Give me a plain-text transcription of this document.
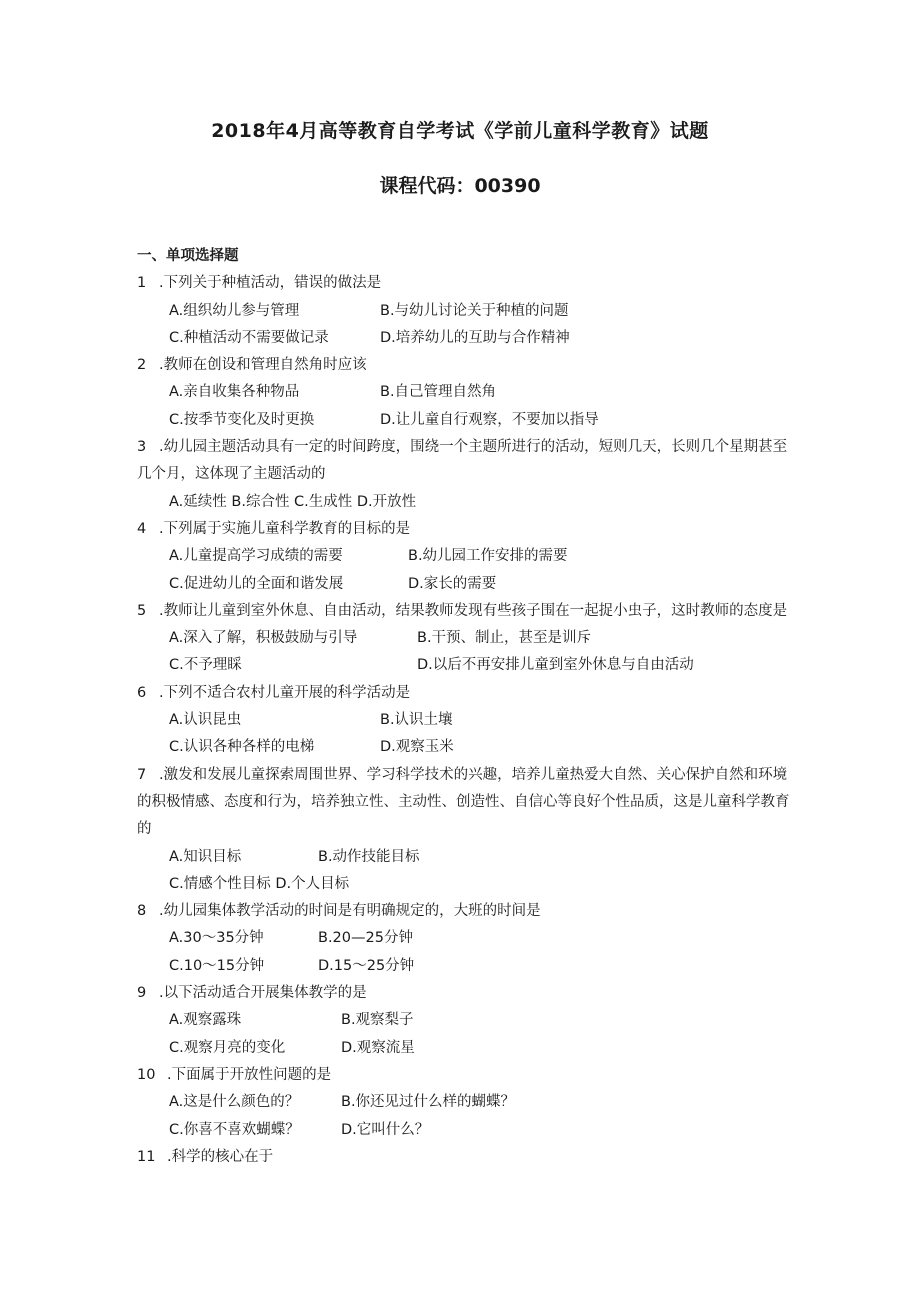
2018年4月高等教育自学考试《学前儿童科学教育》试题
课程代码：00390
一、单项选择题
1 .下列关于种植活动，错误的做法是
A.组织幼儿参与管理	B.与幼儿讨论关于种植的问题
C.种植活动不需要做记录	D.培养幼儿的互助与合作精神
2 .教师在创设和管理自然角时应该
A.亲自收集各种物品	B.自己管理自然角
C.按季节变化及时更换	D.让儿童自行观察，不要加以指导
3 .幼儿园主题活动具有一定的时间跨度，围绕一个主题所进行的活动，短则几天，长则几个星期甚至几个月，这体现了主题活动的
A.延续性 B.综合性 C.生成性 D.开放性
4 .下列属于实施儿童科学教育的目标的是
A.儿童提高学习成绩的需要	B.幼儿园工作安排的需要
C.促进幼儿的全面和谐发展	D.家长的需要
5 .教师让儿童到室外休息、自由活动，结果教师发现有些孩子围在一起捉小虫子，这时教师的态度是
A.深入了解，积极鼓励与引导	B.干预、制止，甚至是训斥
C.不予理睬	D.以后不再安排儿童到室外休息与自由活动
6 .下列不适合农村儿童开展的科学活动是
A.认识昆虫	B.认识土壤
C.认识各种各样的电梯	D.观察玉米
7 .激发和发展儿童探索周围世界、学习科学技术的兴趣，培养儿童热爱大自然、关心保护自然和环境的积极情感、态度和行为，培养独立性、主动性、创造性、自信心等良好个性品质，这是儿童科学教育的
A.知识目标	B.动作技能目标
C.情感个性目标 D.个人目标
8 .幼儿园集体教学活动的时间是有明确规定的，大班的时间是
A.30～35分钟	B.20—25分钟
C.10～15分钟	D.15～25分钟
9 .以下活动适合开展集体教学的是
A.观察露珠	B.观察梨子
C.观察月亮的变化	D.观察流星
10 .下面属于开放性问题的是
A.这是什么颜色的？	B.你还见过什么样的蝴蝶？
C.你喜不喜欢蝴蝶？	D.它叫什么？
11 .科学的核心在于
